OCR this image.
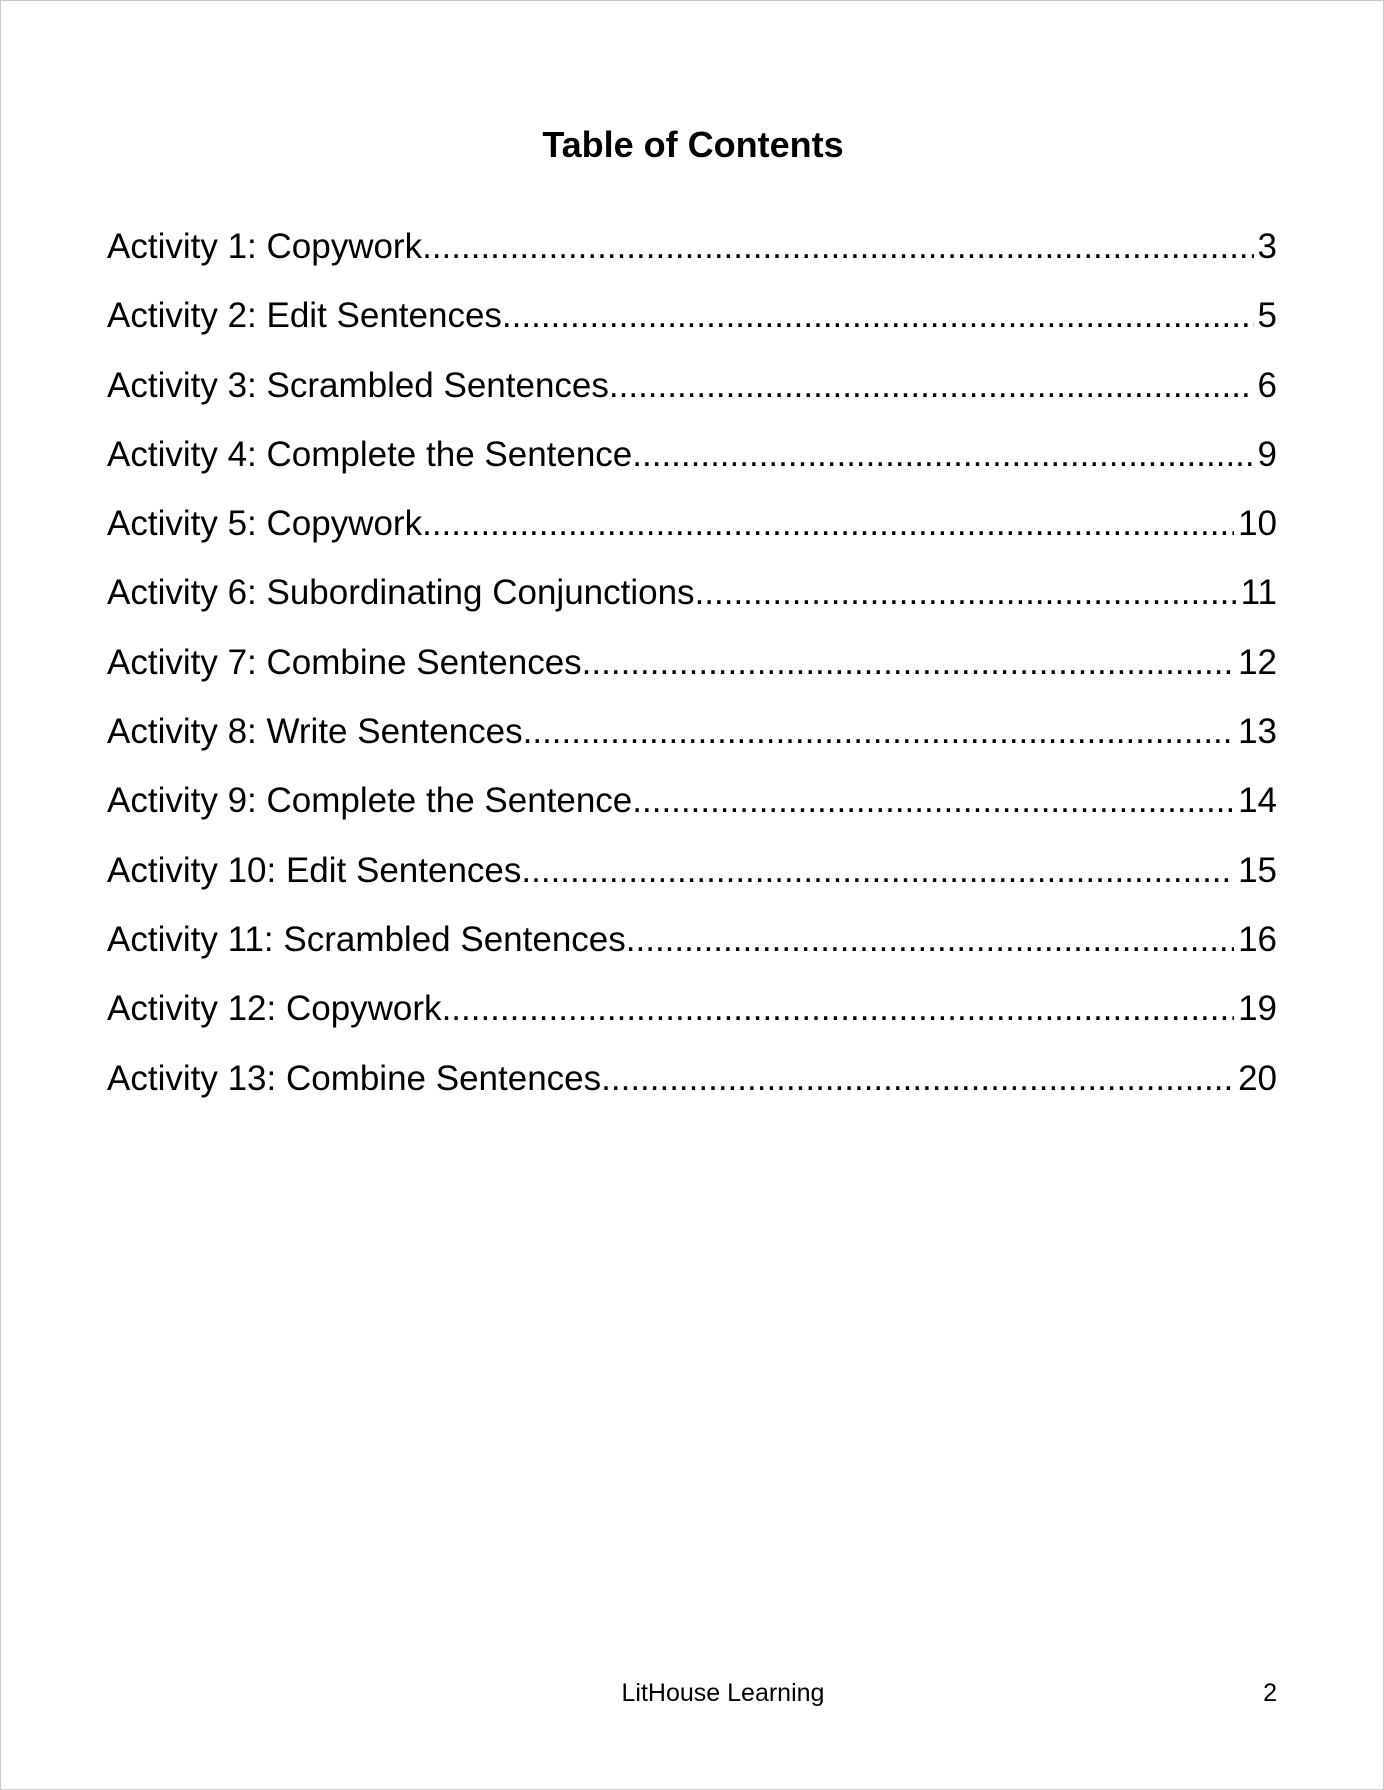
Table of Contents
Activity 1: Copywork .....	3
Activity 2: Edit Sentences .....	5
Activity 3: Scrambled Sentences .....	6
Activity 4: Complete the Sentence .....	9
Activity 5: Copywork .....	10
Activity 6: Subordinating Conjunctions .....	11
Activity 7: Combine Sentences .....	12
Activity 8: Write Sentences .....	13
Activity 9: Complete the Sentence .....	14
Activity 10: Edit Sentences .....	15
Activity 11: Scrambled Sentences .....	16
Activity 12: Copywork .....	19
Activity 13: Combine Sentences .....	20

LitHouse Learning	2
